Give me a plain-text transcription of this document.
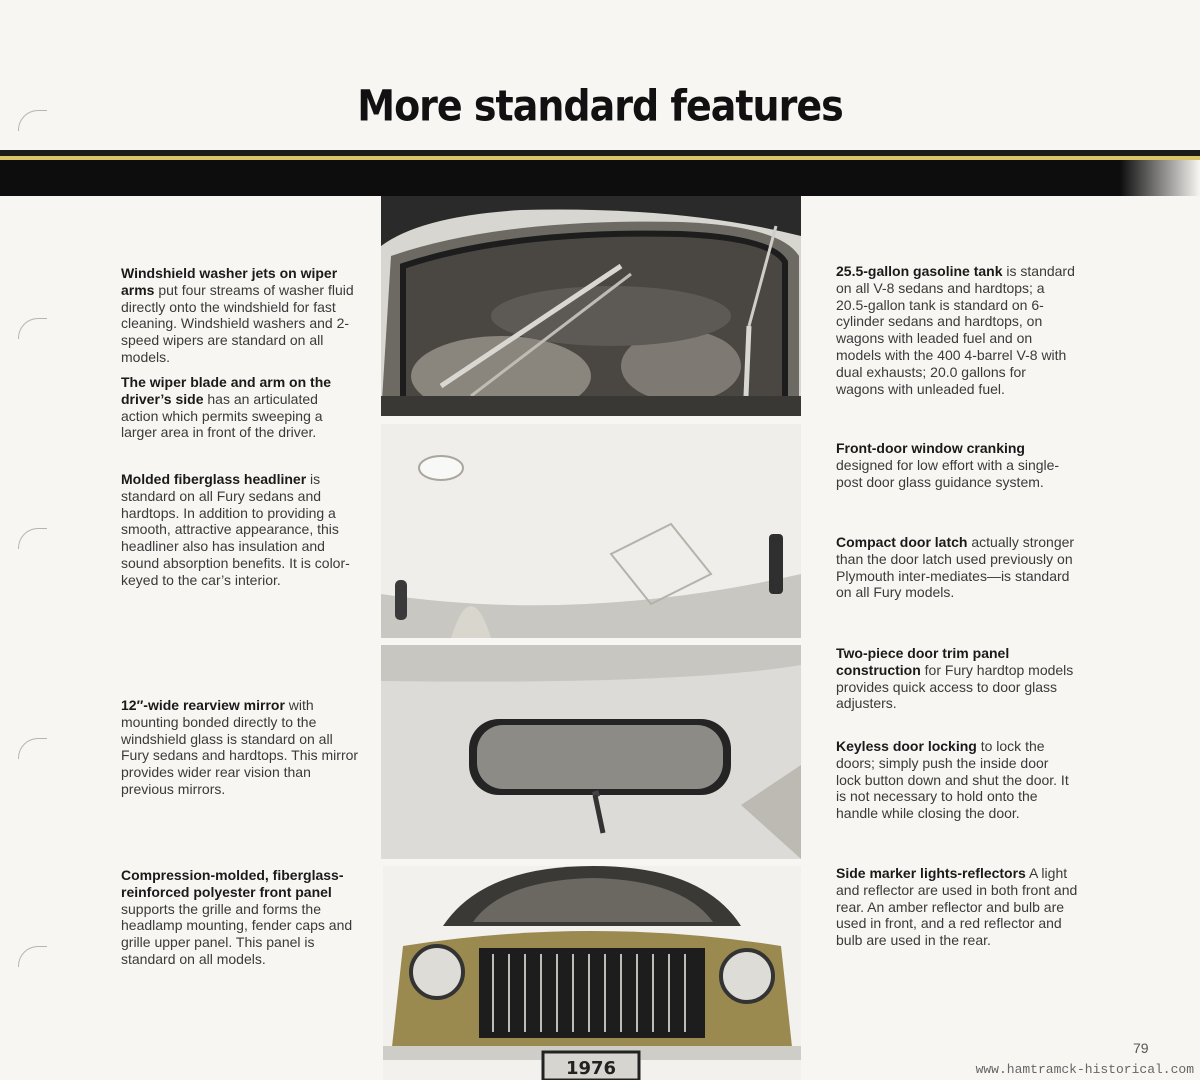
More standard features
Windshield washer jets on wiper arms put four streams of washer fluid directly onto the windshield for fast cleaning. Windshield washers and 2-speed wipers are standard on all models.
The wiper blade and arm on the driver’s side has an articulated action which permits sweeping a larger area in front of the driver.
Molded fiberglass headliner is standard on all Fury sedans and hardtops. In addition to providing a smooth, attractive appearance, this headliner also has insulation and sound absorption benefits. It is color-keyed to the car’s interior.
12″-wide rearview mirror with mounting bonded directly to the windshield glass is standard on all Fury sedans and hardtops. This mirror provides wider rear vision than previous mirrors.
Compression-molded, fiberglass-reinforced polyester front panel supports the grille and forms the headlamp mounting, fender caps and grille upper panel. This panel is standard on all models.
25.5-gallon gasoline tank is standard on all V-8 sedans and hardtops; a 20.5-gallon tank is standard on 6-cylinder sedans and hardtops, on wagons with leaded fuel and on models with the 400 4-barrel V-8 with dual exhausts; 20.0 gallons for wagons with unleaded fuel.
Front-door window cranking designed for low effort with a single-post door glass guidance system.
Compact door latch actually stronger than the door latch used previously on Plymouth inter-mediates—is standard on all Fury models.
Two-piece door trim panel construction for Fury hardtop models provides quick access to door glass adjusters.
Keyless door locking to lock the doors; simply push the inside door lock button down and shut the door. It is not necessary to hold onto the handle while closing the door.
Side marker lights-reflectors A light and reflector are used in both front and rear. An amber reflector and bulb are used in front, and a red reflector and bulb are used in the rear.
1976
79
www.hamtramck-historical.com
